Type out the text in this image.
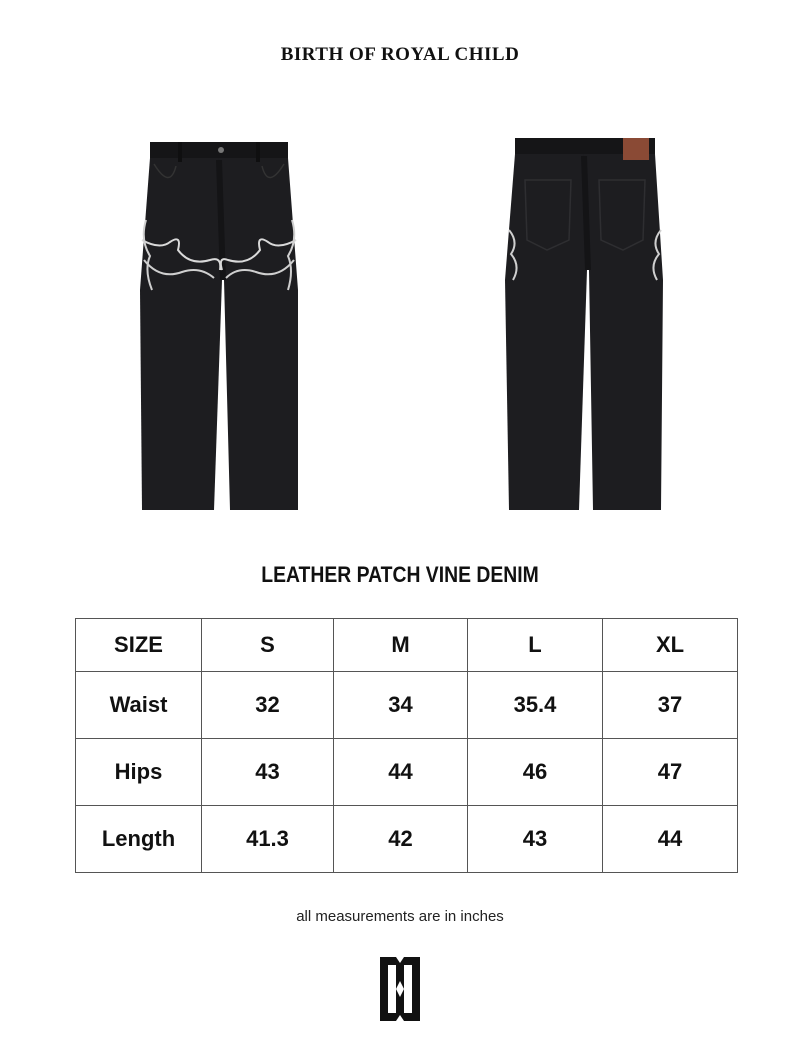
BIRTH OF ROYAL CHILD
LEATHER PATCH VINE DENIM
SIZE	S	M	L	XL
Waist	32	34	35.4	37
Hips	43	44	46	47
Length	41.3	42	43	44
all measurements are in inches
